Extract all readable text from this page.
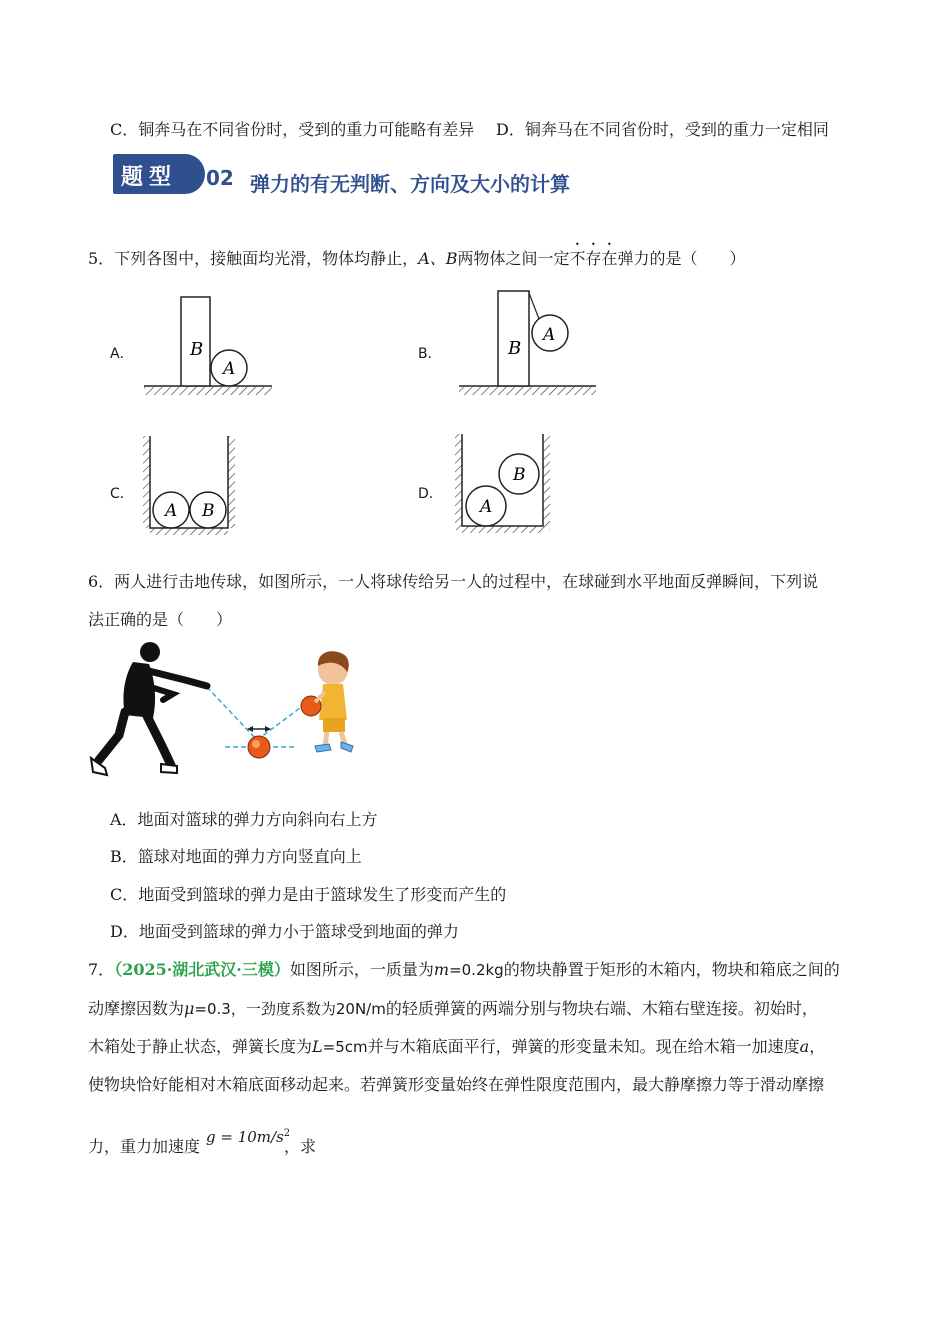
C．铜奔马在不同省份时，受到的重力可能略有差异 D．铜奔马在不同省份时，受到的重力一定相同
题型 02 弹力的有无判断、方向及大小的计算
5．下列各图中，接触面均光滑，物体均静止，A、B两物体之间一定不存在弹力的是（　　）
A．	B．
C．	D．
B
A
B
A
A B	A
B
6．两人进行击地传球，如图所示，一人将球传给另一人的过程中，在球碰到水平地面反弹瞬间，下列说
法正确的是（　　）
A．地面对篮球的弹力方向斜向右上方
B．篮球对地面的弹力方向竖直向上
C．地面受到篮球的弹力是由于篮球发生了形变而产生的
D．地面受到篮球的弹力小于篮球受到地面的弹力
7．（2025·湖北武汉·三模）如图所示，一质量为m=0.2kg的物块静置于矩形的木箱内，物块和箱底之间的
动摩擦因数为μ=0.3，一劲度系数为20N/m的轻质弹簧的两端分别与物块右端、木箱右壁连接。初始时，
木箱处于静止状态，弹簧长度为L=5cm并与木箱底面平行，弹簧的形变量未知。现在给木箱一加速度a，
使物块恰好能相对木箱底面移动起来。若弹簧形变量始终在弹性限度范围内，最大静摩擦力等于滑动摩擦
力，重力加速度 $g = 10m/s^2$
，求
